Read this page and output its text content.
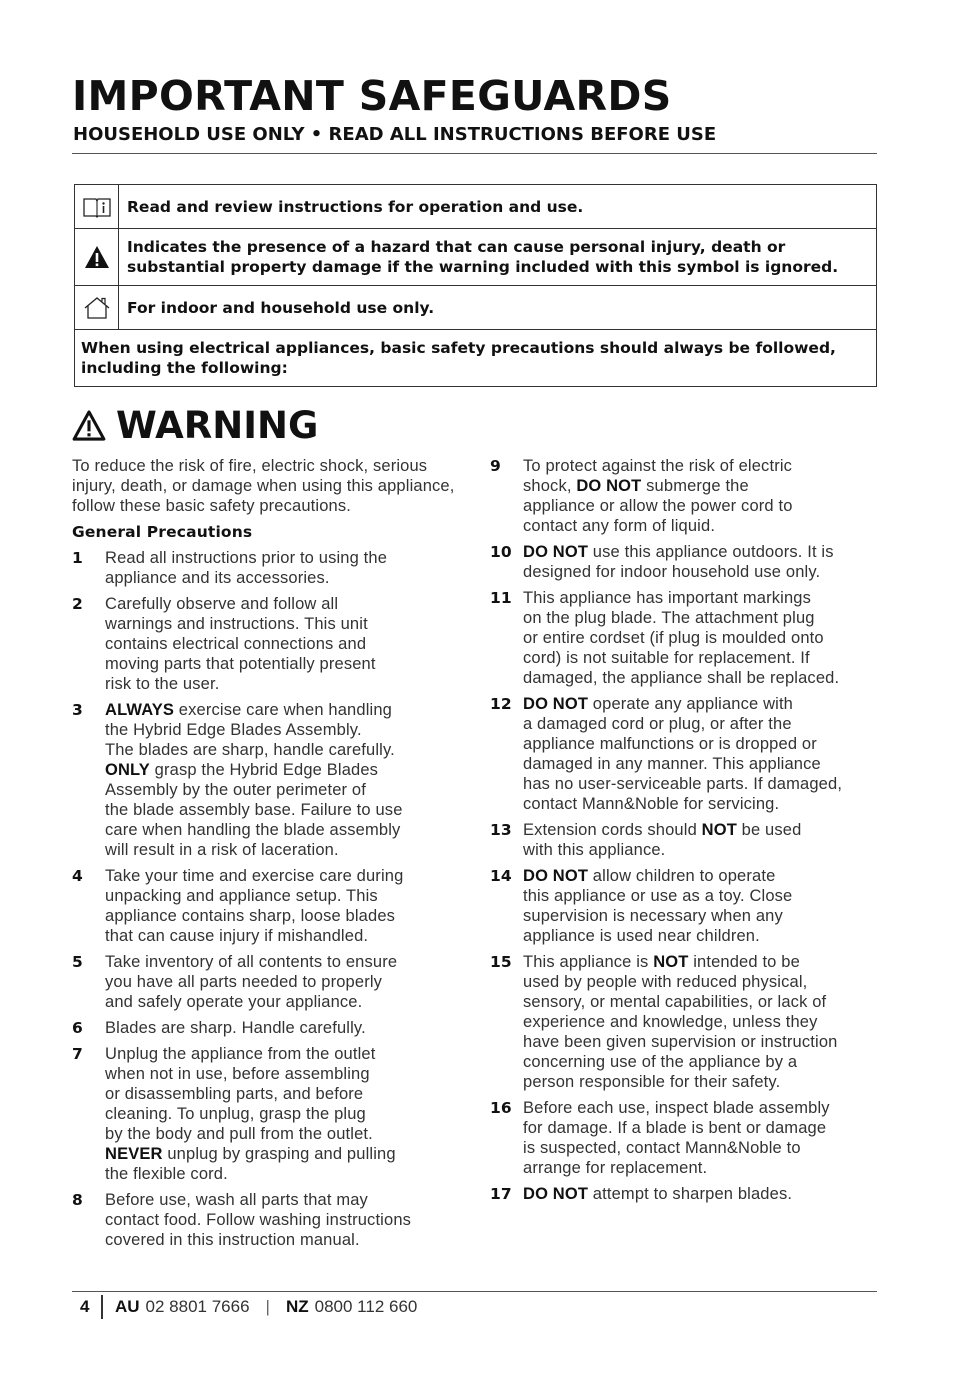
IMPORTANT SAFEGUARDS
HOUSEHOLD USE ONLY • READ ALL INSTRUCTIONS BEFORE USE
	Read and review instructions for operation and use.

	Indicates the presence of a hazard that can cause personal injury, death or substantial property damage if the warning included with this symbol is ignored.

	For indoor and household use only.
When using electrical appliances, basic safety precautions should always be followed, including the following:	
WARNING

To reduce the risk of fire, electric shock, serious injury, death, or damage when using this appliance, follow these basic safety precautions.

General Precautions

1	Read all instructions prior to using the
appliance and its accessories.
2	Carefully observe and follow all
warnings and instructions. This unit
contains electrical connections and
moving parts that potentially present
risk to the user.
3	ALWAYS exercise care when handling
the Hybrid Edge Blades Assembly.
The blades are sharp, handle carefully.
ONLY grasp the Hybrid Edge Blades
Assembly by the outer perimeter of
the blade assembly base. Failure to use
care when handling the blade assembly
will result in a risk of laceration.
4	Take your time and exercise care during
unpacking and appliance setup. This
appliance contains sharp, loose blades
that can cause injury if mishandled.
5	Take inventory of all contents to ensure
you have all parts needed to properly
and safely operate your appliance.
6	Blades are sharp. Handle carefully.
7	Unplug the appliance from the outlet
when not in use, before assembling
or disassembling parts, and before
cleaning. To unplug, grasp the plug
by the body and pull from the outlet.
NEVER unplug by grasping and pulling
the flexible cord.
8	Before use, wash all parts that may
contact food. Follow washing instructions
covered in this instruction manual.
9	To protect against the risk of electric
shock, DO NOT submerge the
appliance or allow the power cord to
contact any form of liquid.
10 DO NOT use this appliance outdoors. It is
designed for indoor household use only.
11 This appliance has important markings
on the plug blade. The attachment plug
or entire cordset (if plug is moulded onto
cord) is not suitable for replacement. If
damaged, the appliance shall be replaced.
12 DO NOT operate any appliance with
a damaged cord or plug, or after the
appliance malfunctions or is dropped or
damaged in any manner. This appliance
has no user-serviceable parts. If damaged,
contact Mann&Noble for servicing.
13 Extension cords should NOT be used
with this appliance.
14 DO NOT allow children to operate
this appliance or use as a toy. Close
supervision is necessary when any
appliance is used near children.
15 This appliance is NOT intended to be
used by people with reduced physical,
sensory, or mental capabilities, or lack of
experience and knowledge, unless they
have been given supervision or instruction
concerning use of the appliance by a
person responsible for their safety.
16 Before each use, inspect blade assembly
for damage. If a blade is bent or damage
is suspected, contact Mann&Noble to
arrange for replacement.
17 DO NOT attempt to sharpen blades.
4	AU 02 8801 7666 | NZ 0800 112 660
